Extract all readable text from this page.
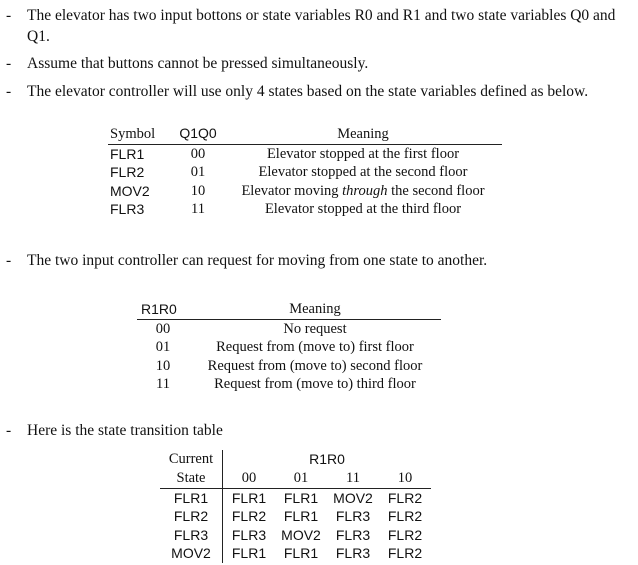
- The elevator has two input bottons or state variables R0 and R1 and two state variables Q0 and Q1.
- Assume that buttons cannot be pressed simultaneously.
- The elevator controller will use only 4 states based on the state variables defined as below.
Symbol	Q1Q0	Meaning
FLR1	00	Elevator stopped at the first floor
FLR2	01	Elevator stopped at the second floor
MOV2	10	Elevator moving through the second floor
FLR3	11	Elevator stopped at the third floor
- The two input controller can request for moving from one state to another.
R1R0	Meaning
00	No request
01	Request from (move to) first floor
10	Request from (move to) second floor
11	Request from (move to) third floor
- Here is the state transition table
Current	R1R0			
State	00	01	11	10
FLR1	FLR1	FLR1	MOV2	FLR2
FLR2	FLR2	FLR1	FLR3	FLR2
FLR3	FLR3	MOV2	FLR3	FLR2
MOV2	FLR1	FLR1	FLR3	FLR2
